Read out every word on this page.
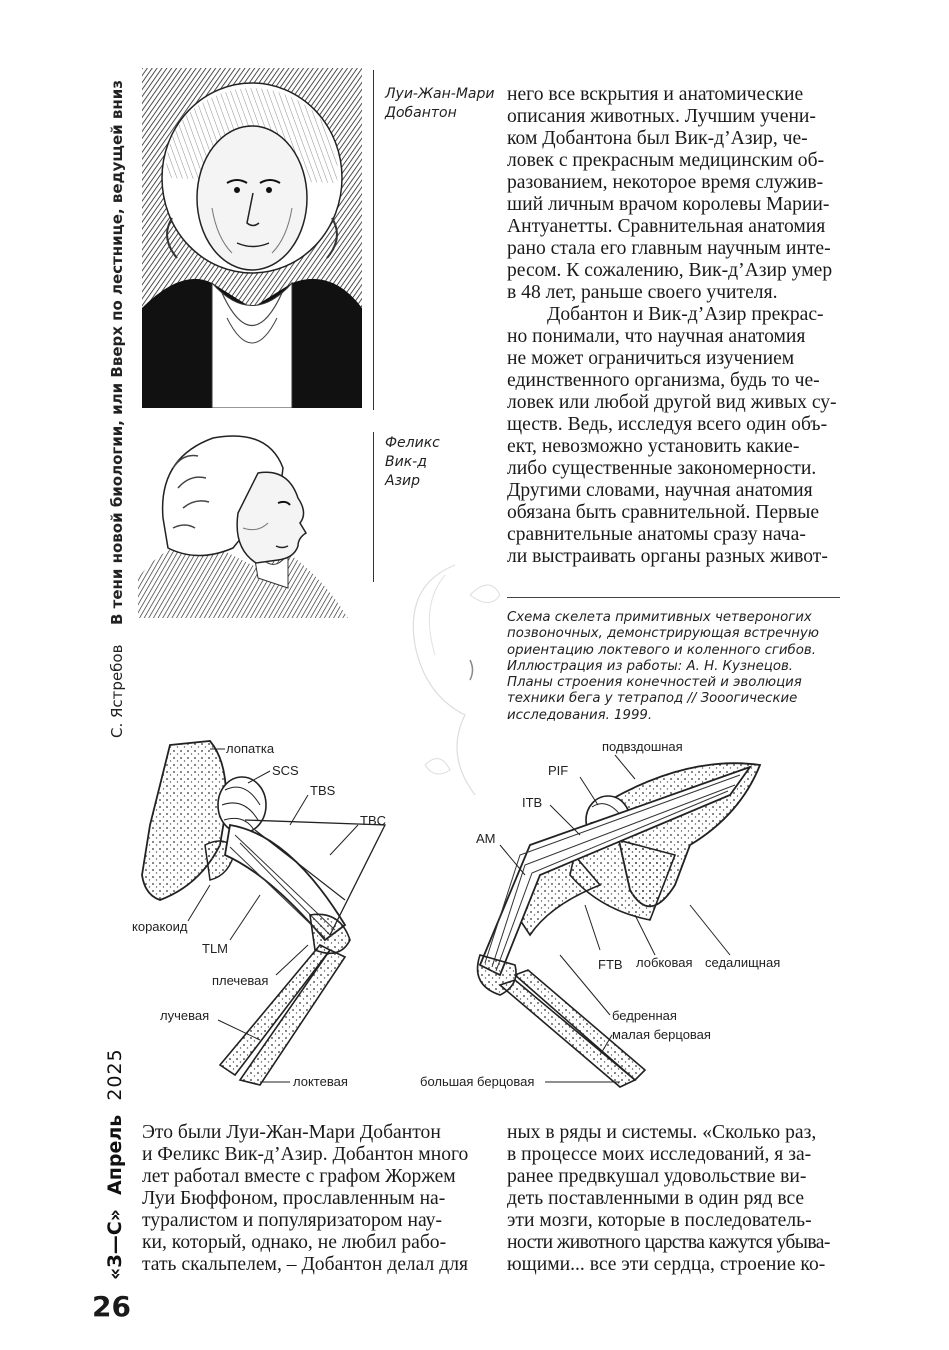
С. Ястребов  В тени новой биологии, или Вверх по лестнице, ведущей вниз
«З—С» Апрель 2025
26
Луи-Жан-Мари
Добантон
Феликс
Вик-д
Азир
него все вскрытия и анатомические
описания животных. Лучшим учени-
ком Добантона был Вик-д’Азир, че-
ловек с прекрасным медицинским об-
разованием, некоторое время служив-
ший личным врачом королевы Марии-
Антуанетты. Сравнительная анатомия
рано стала его главным научным инте-
ресом. К сожалению, Вик-д’Азир умер
в 48 лет, раньше своего учителя.
Добантон и Вик-д’Азир прекрас-
но понимали, что научная анатомия
не может ограничиться изучением
единственного организма, будь то че-
ловек или любой другой вид живых су-
ществ. Ведь, исследуя всего один объ-
ект, невозможно установить какие-
либо существенные закономерности.
Другими словами, научная анатомия
обязана быть сравнительной. Первые
сравнительные анатомы сразу нача-
ли выстраивать органы разных живот-
Схема скелета примитивных четвероногих
позвоночных, демонстрирующая встречную
ориентацию локтевого и коленного сгибов.
Иллюстрация из работы: А. Н. Кузнецов.
Планы строения конечностей и эволюция
техники бега у тетрапод // Зооогические
исследования. 1999.
лопатка
SCS
TBS
TBC
коракоид
TLM
плечевая
лучевая
локтевая
подвздошная
PIF
ITB
AM
FTB лобковая седалищная
бедренная
малая берцовая
большая берцовая
Это были Луи-Жан-Мари Добантон
и Феликс Вик-д’Азир. Добантон много
лет работал вместе с графом Жоржем
Луи Бюффоном, прославленным на-
туралистом и популяризатором нау-
ки, который, однако, не любил рабо-
тать скальпелем, – Добантон делал для
ных в ряды и системы. «Сколько раз,
в процессе моих исследований, я за-
ранее предвкушал удовольствие ви-
деть поставленными в один ряд все
эти мозги, которые в последователь-
ности животного царства кажутся убыва-
ющими... все эти сердца, строение ко-
